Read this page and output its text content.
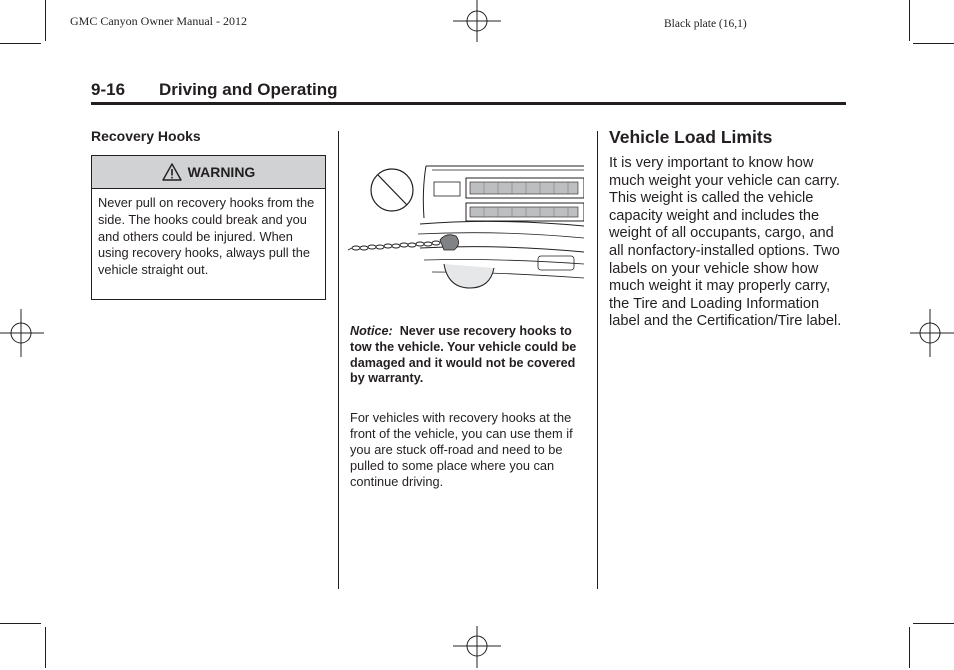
GMC Canyon Owner Manual - 2012	Black plate (16,1)
9-16 Driving and Operating
Recovery Hooks
WARNING
Never pull on recovery hooks from the side. The hooks could break and you and others could be injured. When using recovery hooks, always pull the vehicle straight out.
Notice: Never use recovery hooks to tow the vehicle. Your vehicle could be damaged and it would not be covered by warranty.
For vehicles with recovery hooks at the front of the vehicle, you can use them if you are stuck off-road and need to be pulled to some place where you can continue driving.
Vehicle Load Limits
It is very important to know how much weight your vehicle can carry. This weight is called the vehicle capacity weight and includes the weight of all occupants, cargo, and all nonfactory-installed options. Two labels on your vehicle show how much weight it may properly carry, the Tire and Loading Information label and the Certification/Tire label.
